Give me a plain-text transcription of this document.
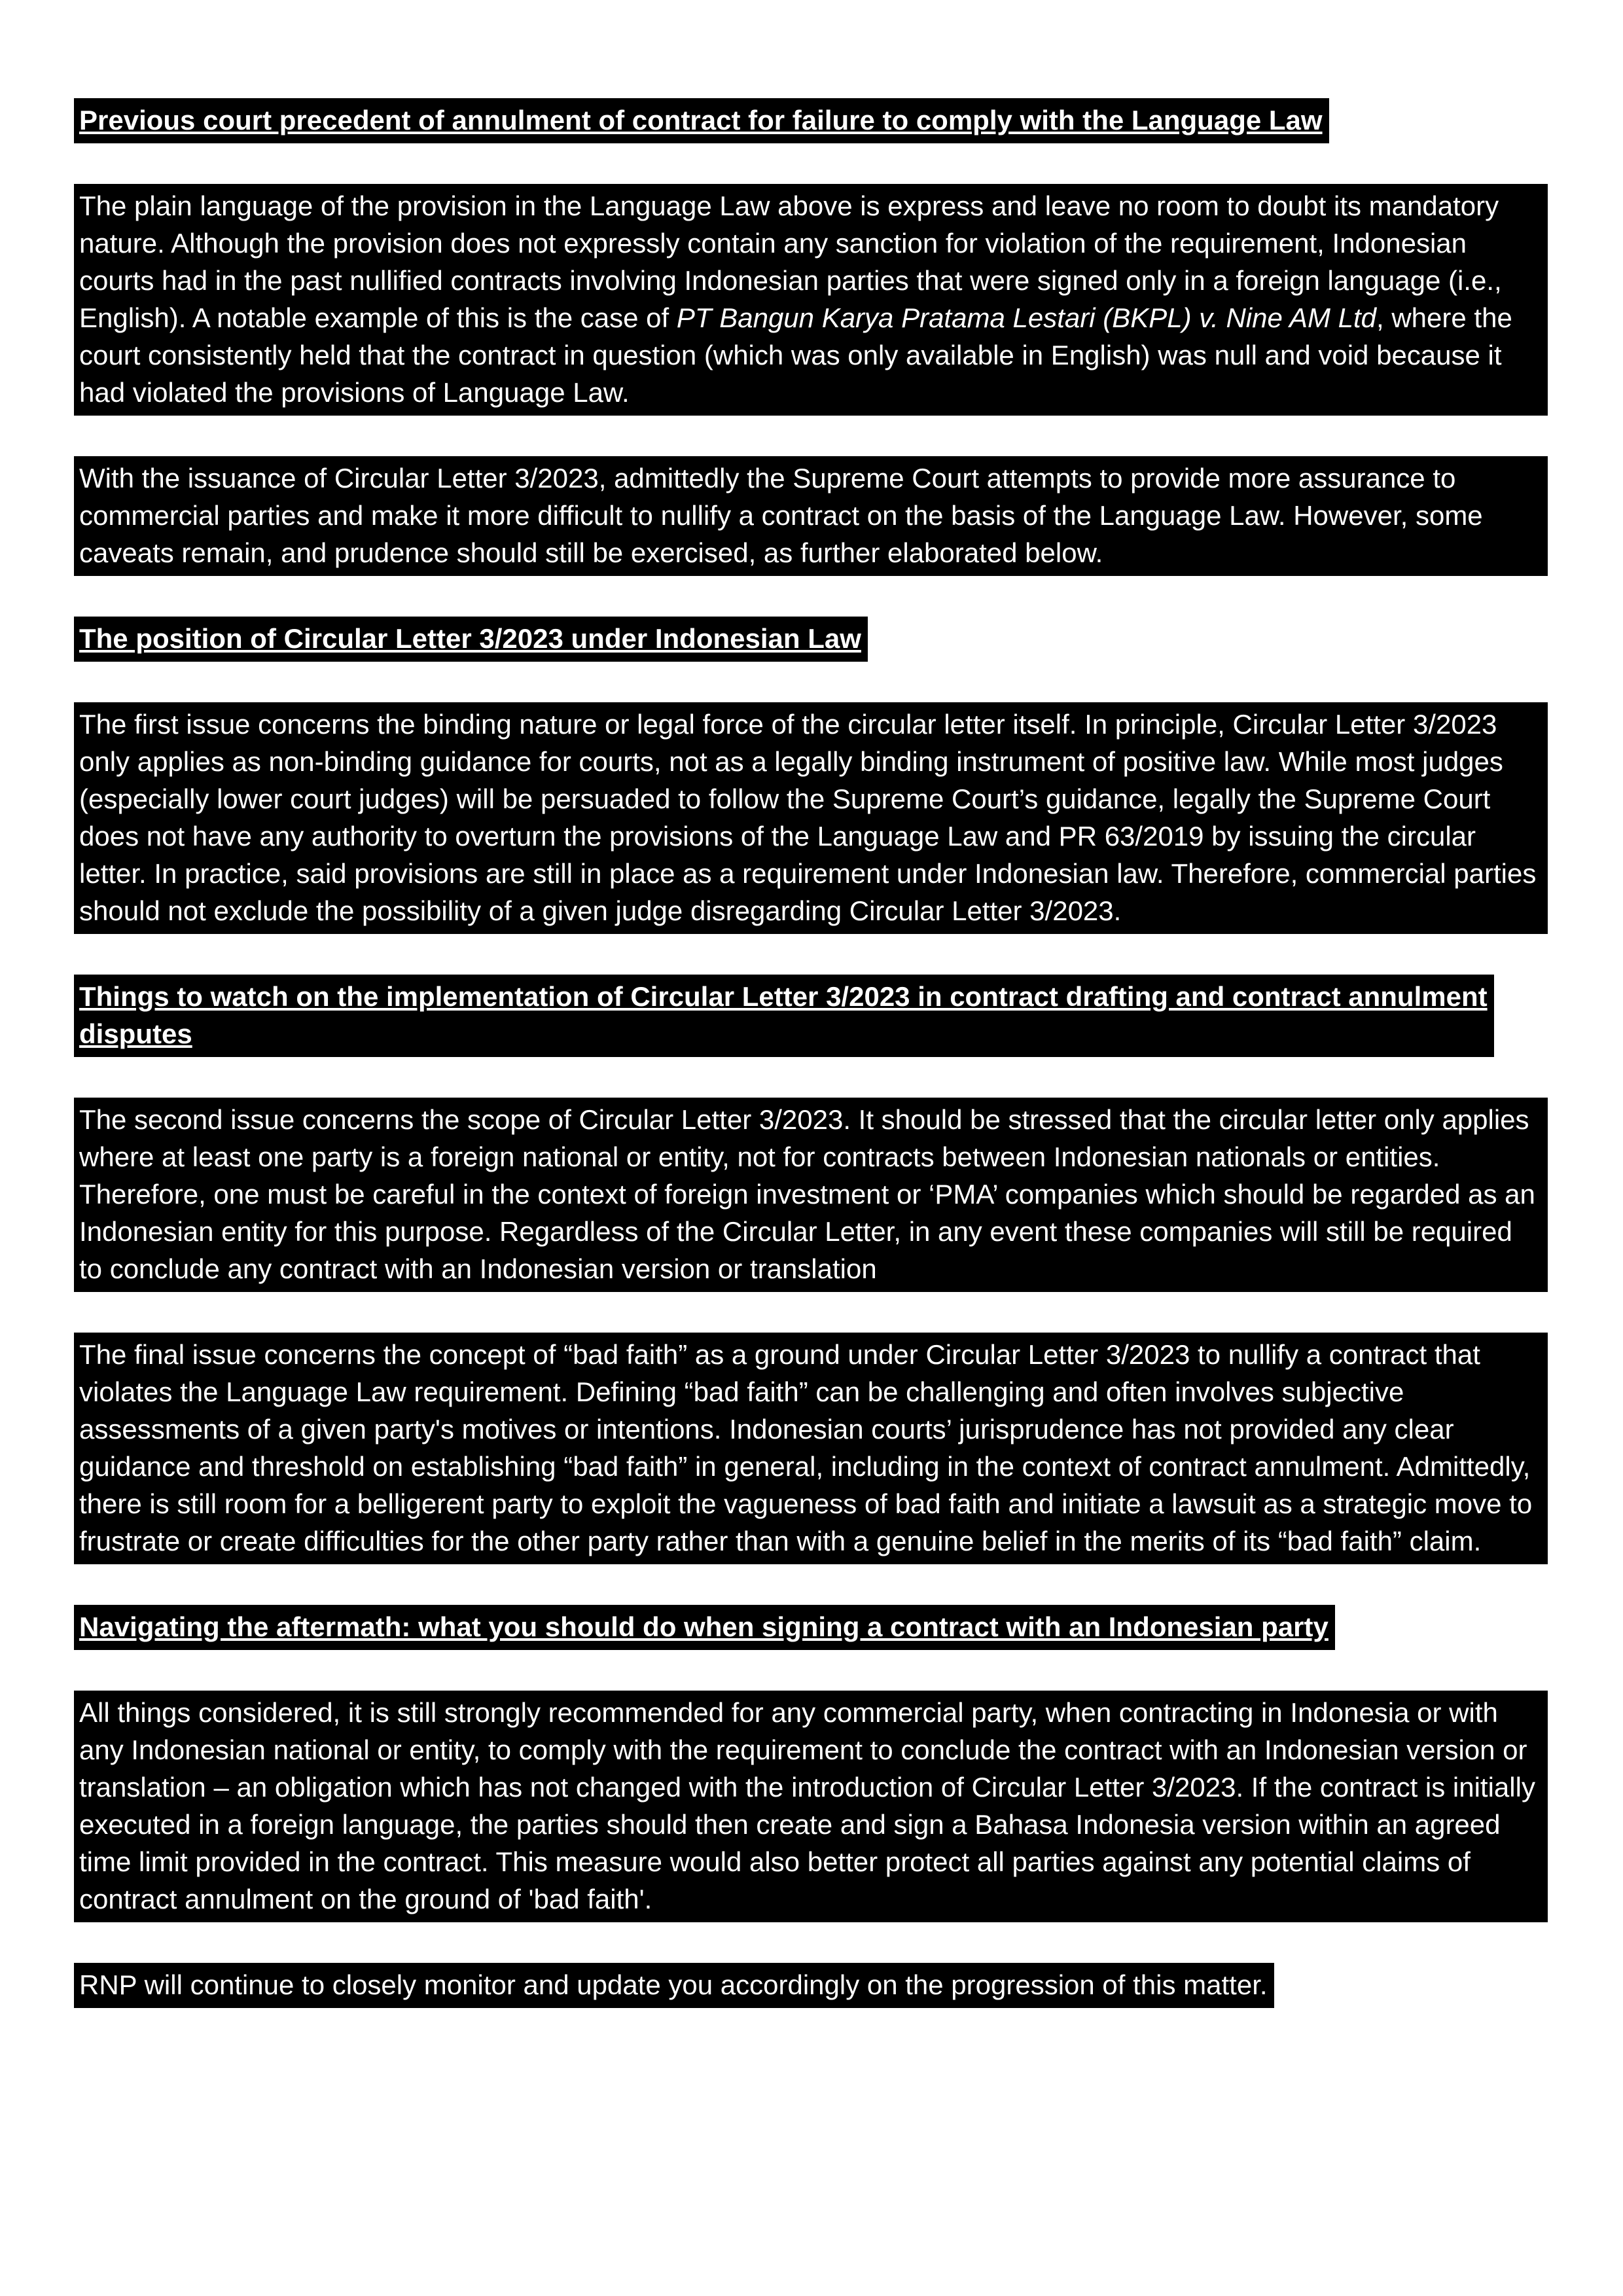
Previous court precedent of annulment of contract for failure to comply with the Language Law
The plain language of the provision in the Language Law above is express and leave no room to doubt its mandatory nature. Although the provision does not expressly contain any sanction for violation of the requirement, Indonesian courts had in the past nullified contracts involving Indonesian parties that were signed only in a foreign language (i.e., English). A notable example of this is the case of PT Bangun Karya Pratama Lestari (BKPL) v. Nine AM Ltd, where the court consistently held that the contract in question (which was only available in English) was null and void because it had violated the provisions of Language Law.
With the issuance of Circular Letter 3/2023, admittedly the Supreme Court attempts to provide more assurance to commercial parties and make it more difficult to nullify a contract on the basis of the Language Law. However, some caveats remain, and prudence should still be exercised, as further elaborated below.
The position of Circular Letter 3/2023 under Indonesian Law
The first issue concerns the binding nature or legal force of the circular letter itself. In principle, Circular Letter 3/2023 only applies as non-binding guidance for courts, not as a legally binding instrument of positive law. While most judges (especially lower court judges) will be persuaded to follow the Supreme Court’s guidance, legally the Supreme Court does not have any authority to overturn the provisions of the Language Law and PR 63/2019 by issuing the circular letter. In practice, said provisions are still in place as a requirement under Indonesian law. Therefore, commercial parties should not exclude the possibility of a given judge disregarding Circular Letter 3/2023.
Things to watch on the implementation of Circular Letter 3/2023 in contract drafting and contract annulment disputes
The second issue concerns the scope of Circular Letter 3/2023. It should be stressed that the circular letter only applies where at least one party is a foreign national or entity, not for contracts between Indonesian nationals or entities. Therefore, one must be careful in the context of foreign investment or ‘PMA’ companies which should be regarded as an Indonesian entity for this purpose. Regardless of the Circular Letter, in any event these companies will still be required to conclude any contract with an Indonesian version or translation
The final issue concerns the concept of “bad faith” as a ground under Circular Letter 3/2023 to nullify a contract that violates the Language Law requirement. Defining “bad faith” can be challenging and often involves subjective assessments of a given party's motives or intentions. Indonesian courts’ jurisprudence has not provided any clear guidance and threshold on establishing “bad faith” in general, including in the context of contract annulment. Admittedly, there is still room for a belligerent party to exploit the vagueness of bad faith and initiate a lawsuit as a strategic move to frustrate or create difficulties for the other party rather than with a genuine belief in the merits of its “bad faith” claim.
Navigating the aftermath: what you should do when signing a contract with an Indonesian party
All things considered, it is still strongly recommended for any commercial party, when contracting in Indonesia or with any Indonesian national or entity, to comply with the requirement to conclude the contract with an Indonesian version or translation – an obligation which has not changed with the introduction of Circular Letter 3/2023. If the contract is initially executed in a foreign language, the parties should then create and sign a Bahasa Indonesia version within an agreed time limit provided in the contract. This measure would also better protect all parties against any potential claims of contract annulment on the ground of 'bad faith'.
RNP will continue to closely monitor and update you accordingly on the progression of this matter.
